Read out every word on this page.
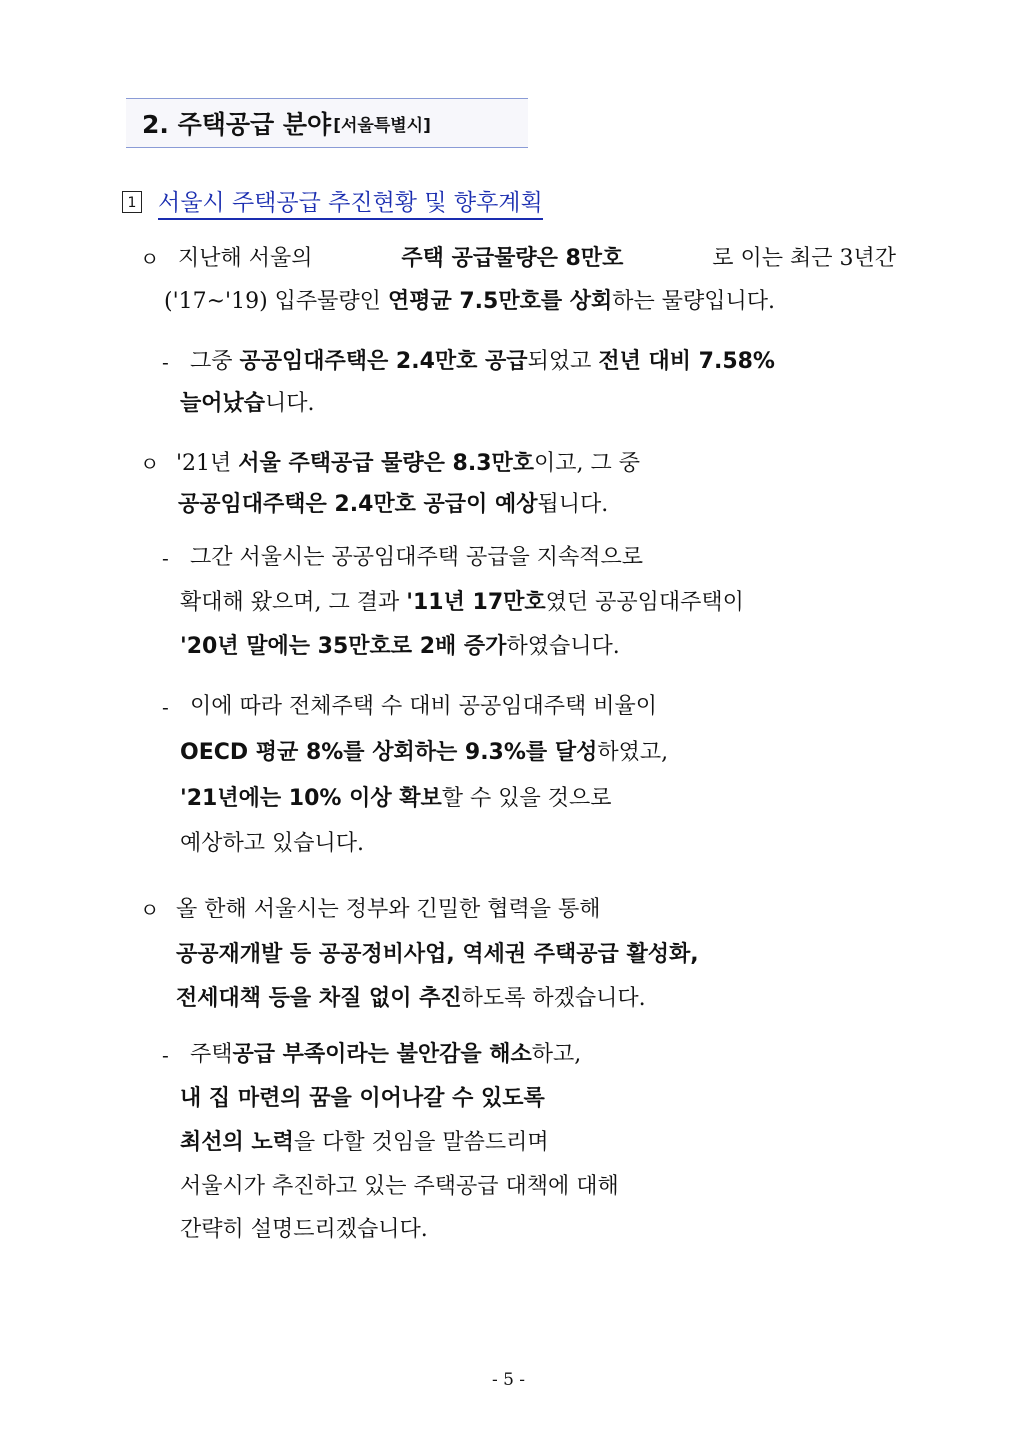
2. 주택공급 분야 [서울특별시]
1 서울시 주택공급 추진현황 및 향후계획
ㅇ 지난해 서울의	주택 공급물량은 8만호	로 이는 최근 3년간
('17~'19) 입주물량인 연평균 7.5만호를 상회하는 물량입니다.
- 그중 공공임대주택은 2.4만호 공급되었고 전년 대비 7.58%
늘어났습니다.
ㅇ '21년 서울 주택공급 물량은 8.3만호이고, 그 중
공공임대주택은 2.4만호 공급이 예상됩니다.
- 그간 서울시는 공공임대주택 공급을 지속적으로
확대해 왔으며, 그 결과 '11년 17만호였던 공공임대주택이
'20년 말에는 35만호로 2배 증가하였습니다.
- 이에 따라 전체주택 수 대비 공공임대주택 비율이
OECD 평균 8%를 상회하는 9.3%를 달성하였고,
'21년에는 10% 이상 확보할 수 있을 것으로
예상하고 있습니다.
ㅇ 올 한해 서울시는 정부와 긴밀한 협력을 통해
공공재개발 등 공공정비사업, 역세권 주택공급 활성화,
전세대책 등을 차질 없이 추진하도록 하겠습니다.
- 주택공급 부족이라는 불안감을 해소하고,
내 집 마련의 꿈을 이어나갈 수 있도록
최선의 노력을 다할 것임을 말씀드리며
서울시가 추진하고 있는 주택공급 대책에 대해
간략히 설명드리겠습니다.
- 5 -
